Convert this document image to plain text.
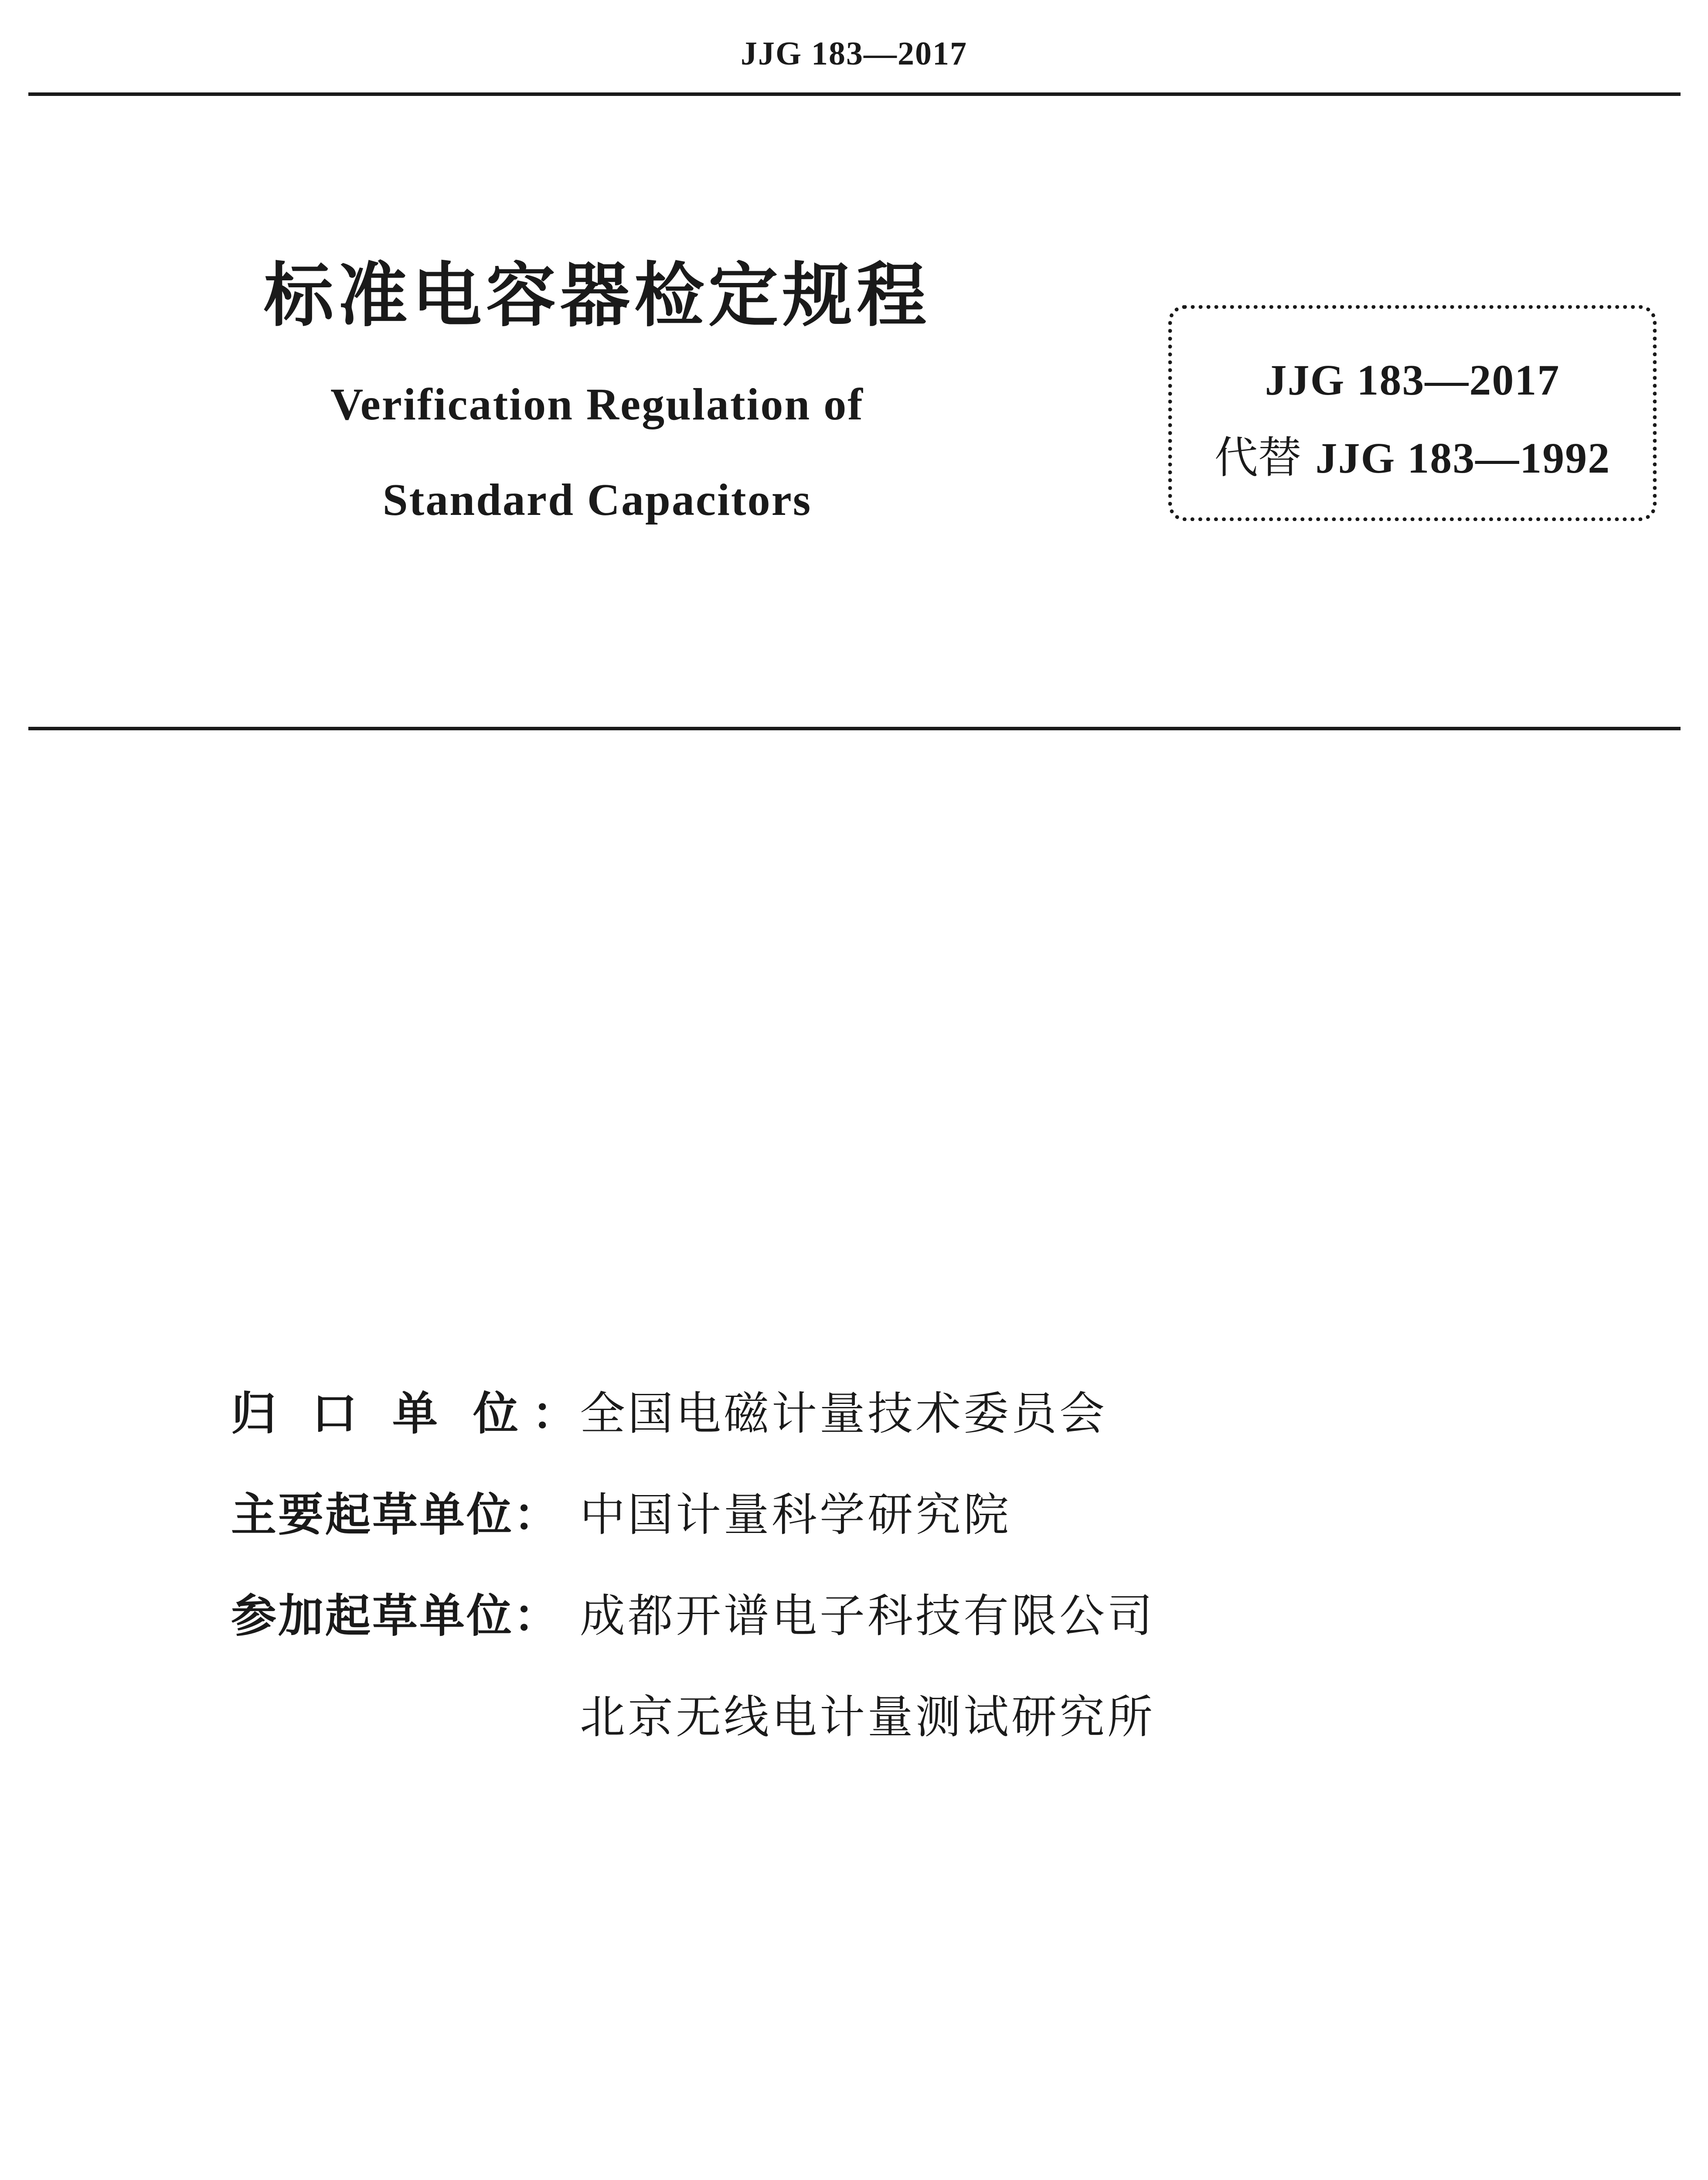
JJG 183—2017
标准电容器检定规程
Verification Regulation of
Standard Capacitors
JJG 183—2017
代替 JJG 183—1992
归 口 单 位 ：全国电磁计量技术委员会
主要起草单位： 中国计量科学研究院
参加起草单位： 成都开谱电子科技有限公司
北京无线电计量测试研究所
